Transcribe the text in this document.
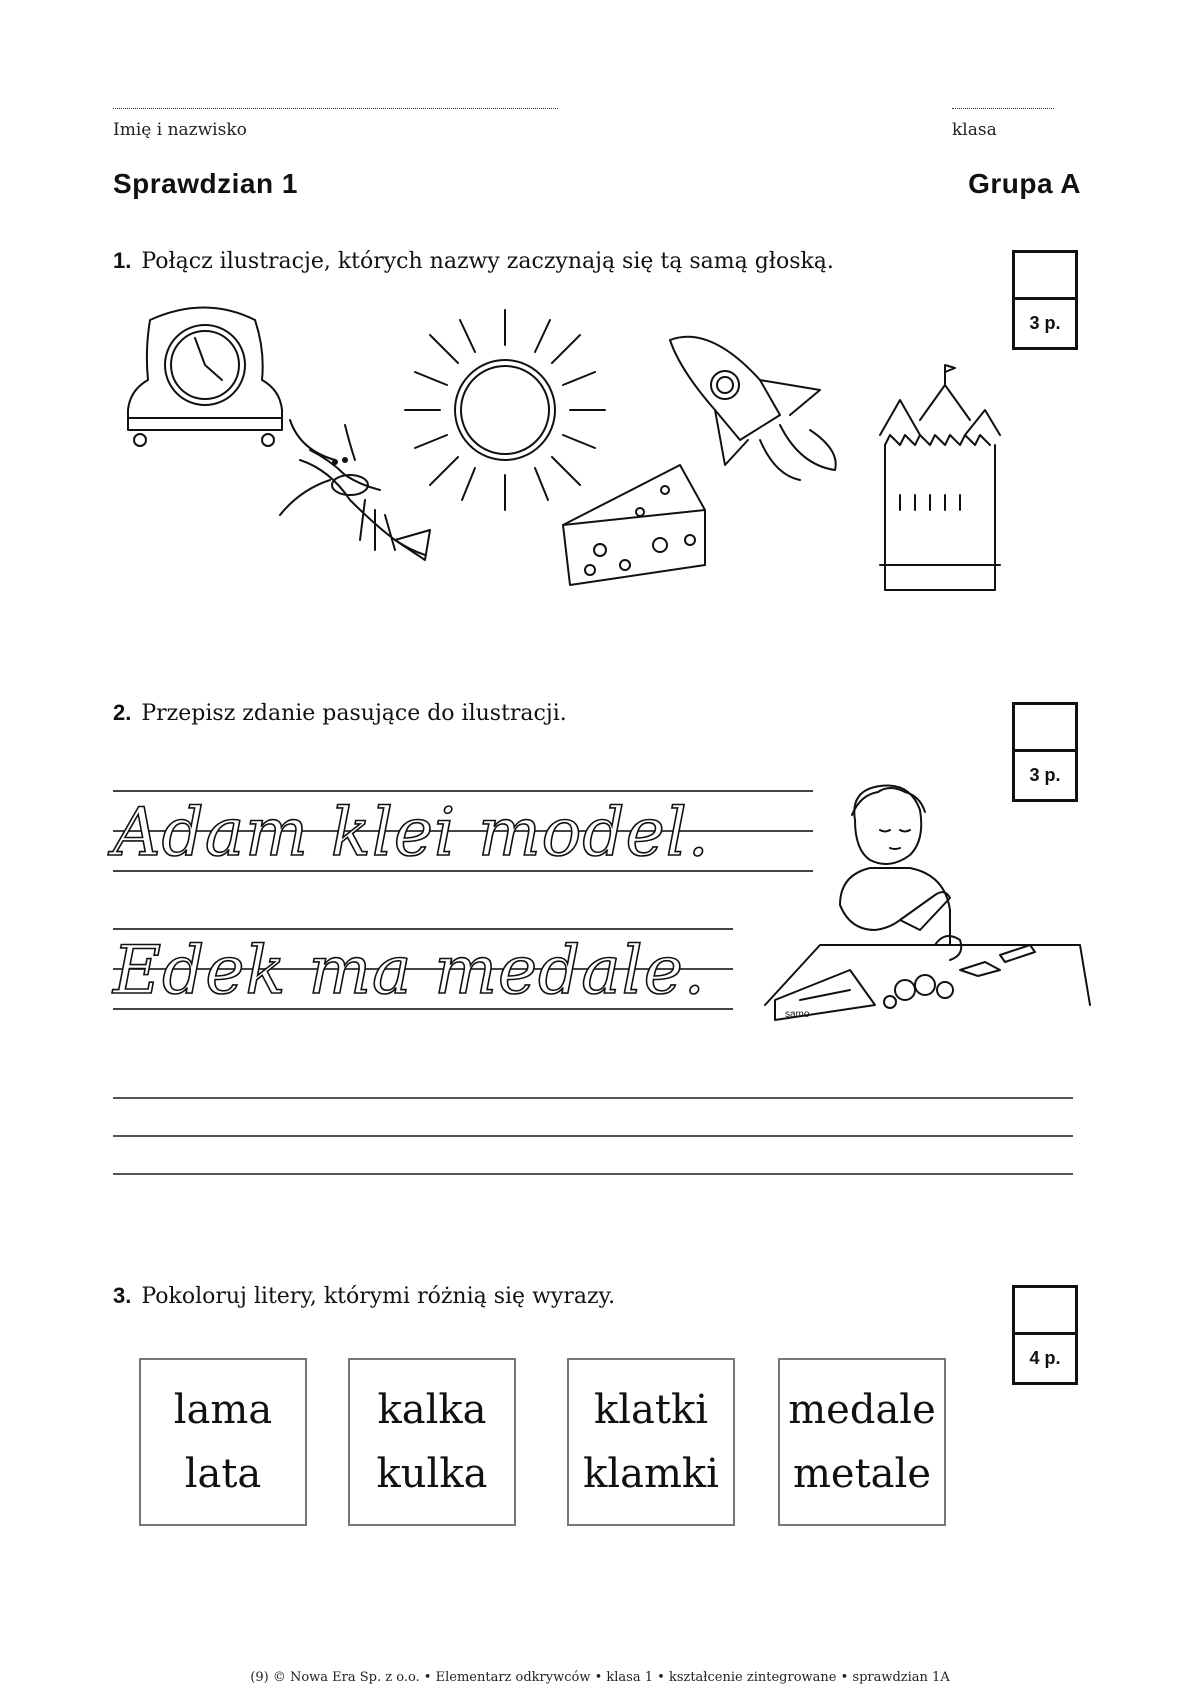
Imię i nazwisko	klasa
Sprawdzian 1	Grupa A
1. Połącz ilustracje, których nazwy zaczynają się tą samą głoską.
3 p.
2. Przepisz zdanie pasujące do ilustracji.
3 p.
Adam klei model.
Edek ma medale.
samo
3. Pokoloruj litery, którymi różnią się wyrazy.
4 p.
lama
lata
kalka
kulka
klatki
klamki
medale
metale
(9) © Nowa Era Sp. z o.o. • Elementarz odkrywców • klasa 1 • kształcenie zintegrowane • sprawdzian 1A
